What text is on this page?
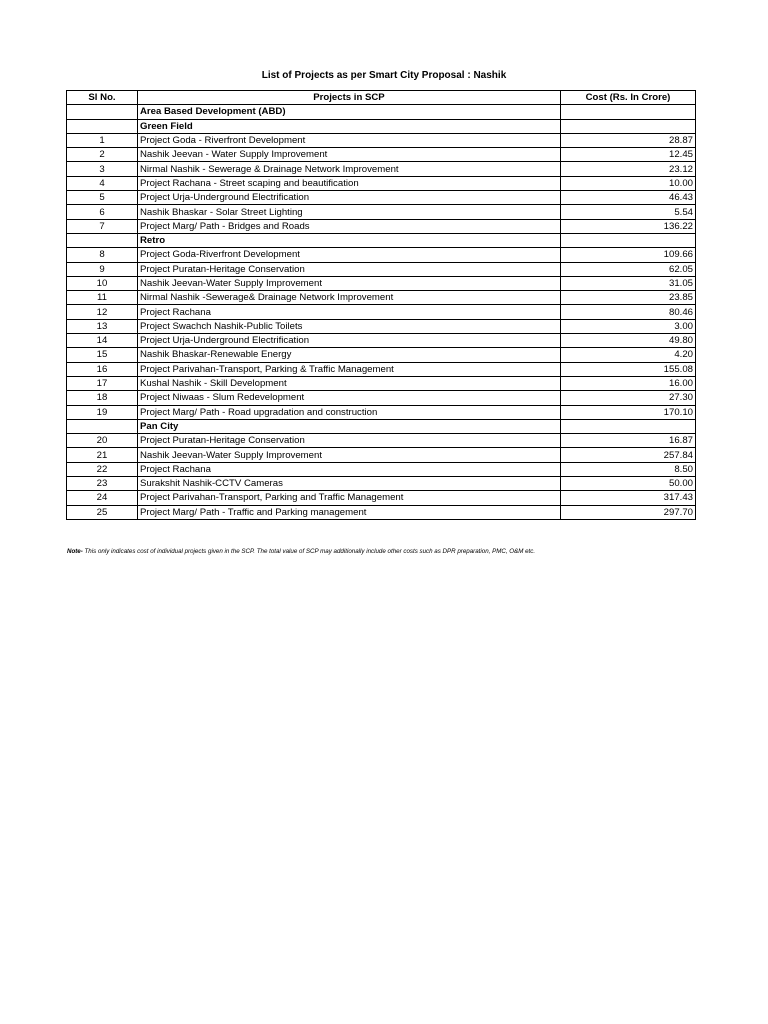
List of Projects as per Smart City Proposal : Nashik
Sl No.	Projects in SCP	Cost (Rs. In Crore)
	Area Based Development (ABD)	
	Green Field	
1	Project Goda - Riverfront Development	28.87
2	Nashik Jeevan - Water Supply Improvement	12.45
3	Nirmal Nashik - Sewerage & Drainage Network Improvement	23.12
4	Project Rachana - Street scaping and beautification	10.00
5	Project Urja-Underground Electrification	46.43
6	Nashik Bhaskar - Solar Street Lighting	5.54
7	Project Marg/ Path - Bridges and Roads	136.22
	Retro	
8	Project Goda-Riverfront Development	109.66
9	Project Puratan-Heritage Conservation	62.05
10	Nashik Jeevan-Water Supply Improvement	31.05
11	Nirmal Nashik -Sewerage& Drainage Network Improvement	23.85
12	Project Rachana	80.46
13	Project Swachch Nashik-Public Toilets	3.00
14	Project Urja-Underground Electrification	49.80
15	Nashik Bhaskar-Renewable Energy	4.20
16	Project Parivahan-Transport, Parking & Traffic Management	155.08
17	Kushal Nashik - Skill Development	16.00
18	Project Niwaas - Slum Redevelopment	27.30
19	Project Marg/ Path - Road upgradation and construction	170.10
	Pan City	
20	Project Puratan-Heritage Conservation	16.87
21	Nashik Jeevan-Water Supply Improvement	257.84
22	Project Rachana	8.50
23	Surakshit Nashik-CCTV Cameras	50.00
24	Project Parivahan-Transport, Parking and Traffic Management	317.43
25	Project Marg/ Path - Traffic and Parking management	297.70
Note- This only indicates cost of individual projects given in the SCP. The total value of SCP may additionally include other costs such as DPR preparation, PMC, O&M etc.
